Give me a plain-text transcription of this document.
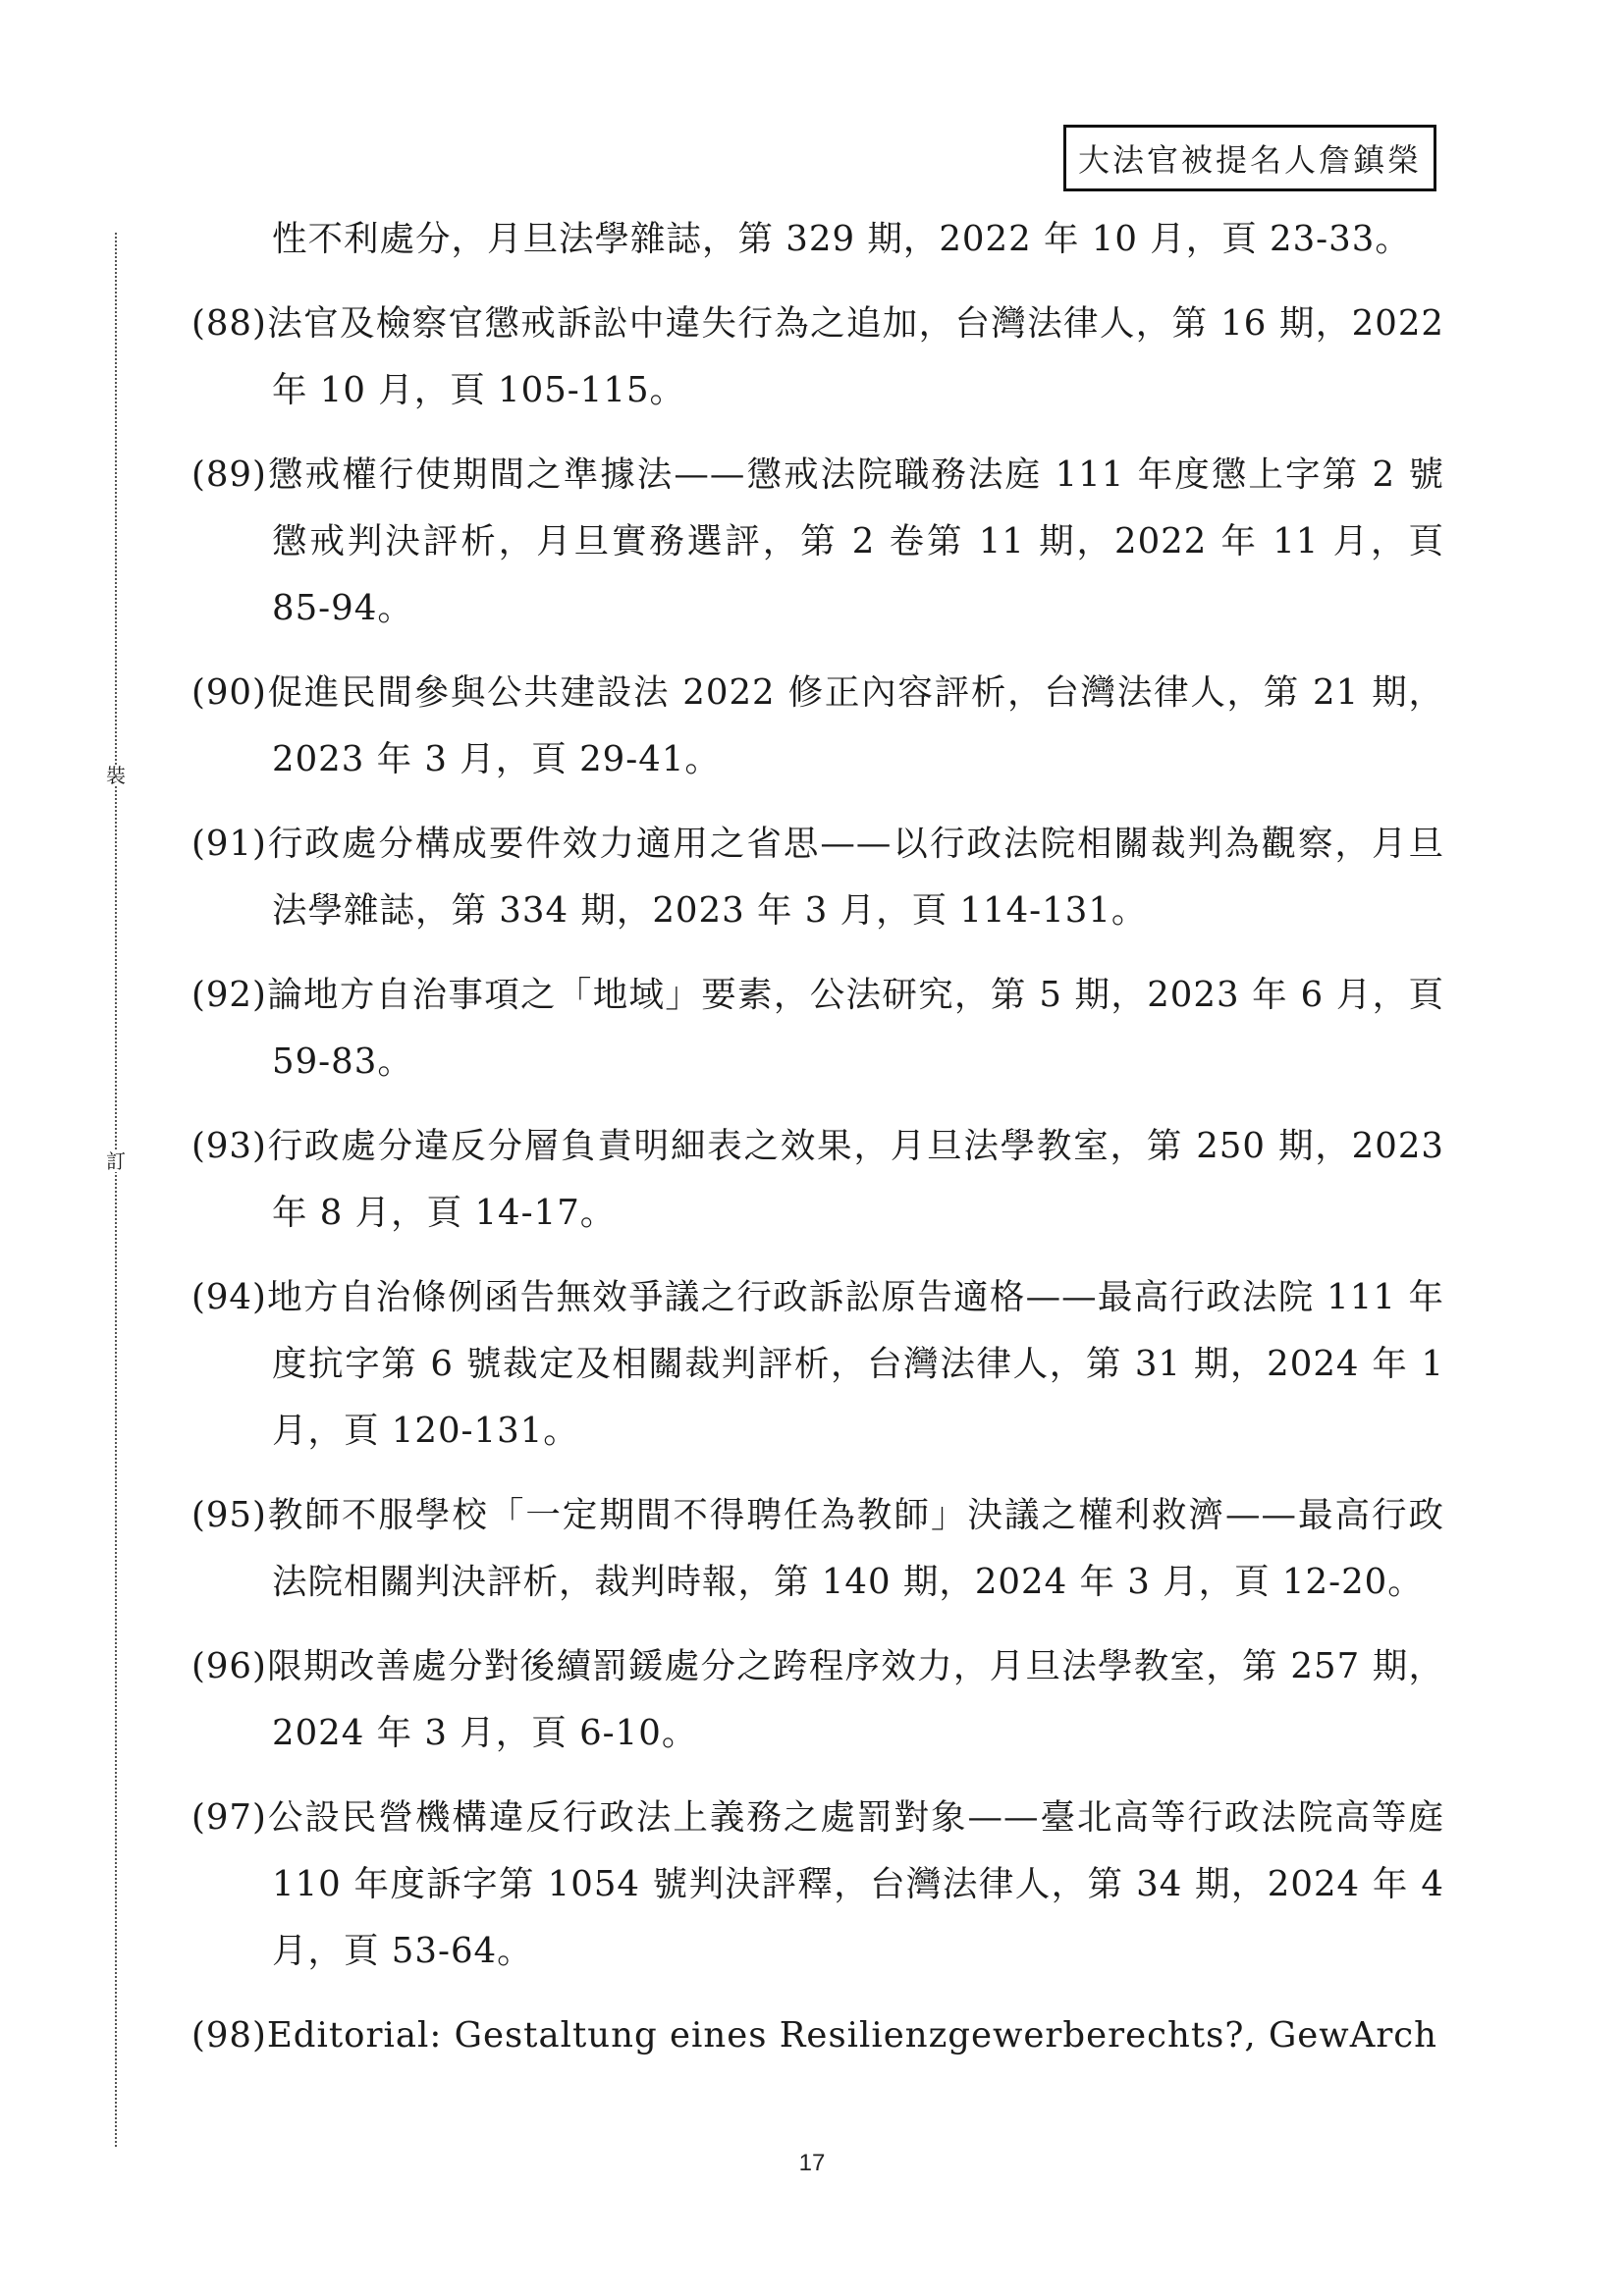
大法官被提名人詹鎮榮
裝
訂

性不利處分，月旦法學雜誌，第 329 期，2022 年 10 月，頁 23-33。

(88)法官及檢察官懲戒訴訟中違失行為之追加，台灣法律人，第 16 期，2022 年 10 月，頁 105-115。

(89)懲戒權行使期間之準據法——懲戒法院職務法庭 111 年度懲上字第 2 號懲戒判決評析，月旦實務選評，第 2 卷第 11 期，2022 年 11 月，頁 85-94。

(90)促進民間參與公共建設法 2022 修正內容評析，台灣法律人，第 21 期，2023 年 3 月，頁 29-41。

(91)行政處分構成要件效力適用之省思——以行政法院相關裁判為觀察，月旦法學雜誌，第 334 期，2023 年 3 月，頁 114-131。

(92)論地方自治事項之「地域」要素，公法研究，第 5 期，2023 年 6 月，頁 59-83。

(93)行政處分違反分層負責明細表之效果，月旦法學教室，第 250 期，2023 年 8 月，頁 14-17。

(94)地方自治條例函告無效爭議之行政訴訟原告適格——最高行政法院 111 年度抗字第 6 號裁定及相關裁判評析，台灣法律人，第 31 期，2024 年 1 月，頁 120-131。

(95)教師不服學校「一定期間不得聘任為教師」決議之權利救濟——最高行政法院相關判決評析，裁判時報，第 140 期，2024 年 3 月，頁 12-20。

(96)限期改善處分對後續罰鍰處分之跨程序效力，月旦法學教室，第 257 期，2024 年 3 月，頁 6-10。

(97)公設民營機構違反行政法上義務之處罰對象——臺北高等行政法院高等庭 110 年度訴字第 1054 號判決評釋，台灣法律人，第 34 期，2024 年 4 月，頁 53-64。

(98)Editorial: Gestaltung eines Resilienzgewerberechts?, GewArch

17
